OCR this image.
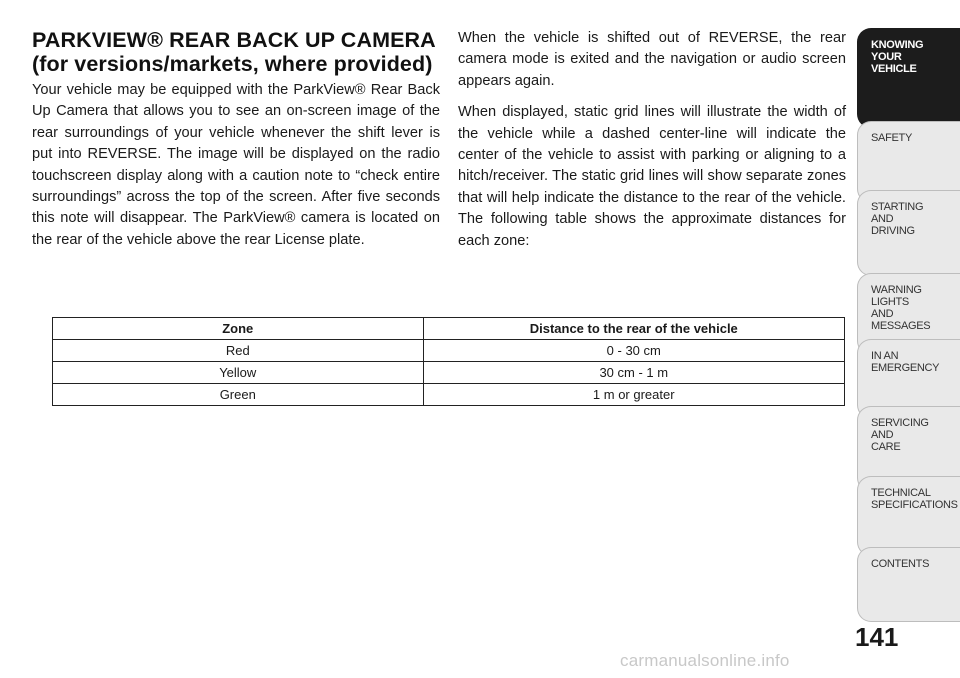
PARKVIEW® REAR BACK UP CAMERA (for versions/markets, where provided)

Your vehicle may be equipped with the ParkView® Rear Back Up Camera that allows you to see an on-screen image of the rear surroundings of your vehicle whenever the shift lever is put into REVERSE. The image will be displayed on the radio touchscreen display along with a caution note to “check entire surroundings” across the top of the screen. After five seconds this note will disappear. The ParkView® camera is located on the rear of the vehicle above the rear License plate.

When the vehicle is shifted out of REVERSE, the rear camera mode is exited and the navigation or audio screen appears again.

When displayed, static grid lines will illustrate the width of the vehicle while a dashed center-line will indicate the center of the vehicle to assist with parking or aligning to a hitch/receiver. The static grid lines will show separate zones that will help indicate the distance to the rear of the vehicle. The following table shows the approximate distances for each zone:

Zone	Distance to the rear of the vehicle
Red	0 - 30 cm
Yellow	30 cm - 1 m
Green	1 m or greater
KNOWING
YOUR
VEHICLE
SAFETY
STARTING
AND
DRIVING
WARNING
LIGHTS
AND
MESSAGES
IN AN
EMERGENCY
SERVICING
AND
CARE
TECHNICAL
SPECIFICATIONS
CONTENTS
141
carmanualsonline.info
